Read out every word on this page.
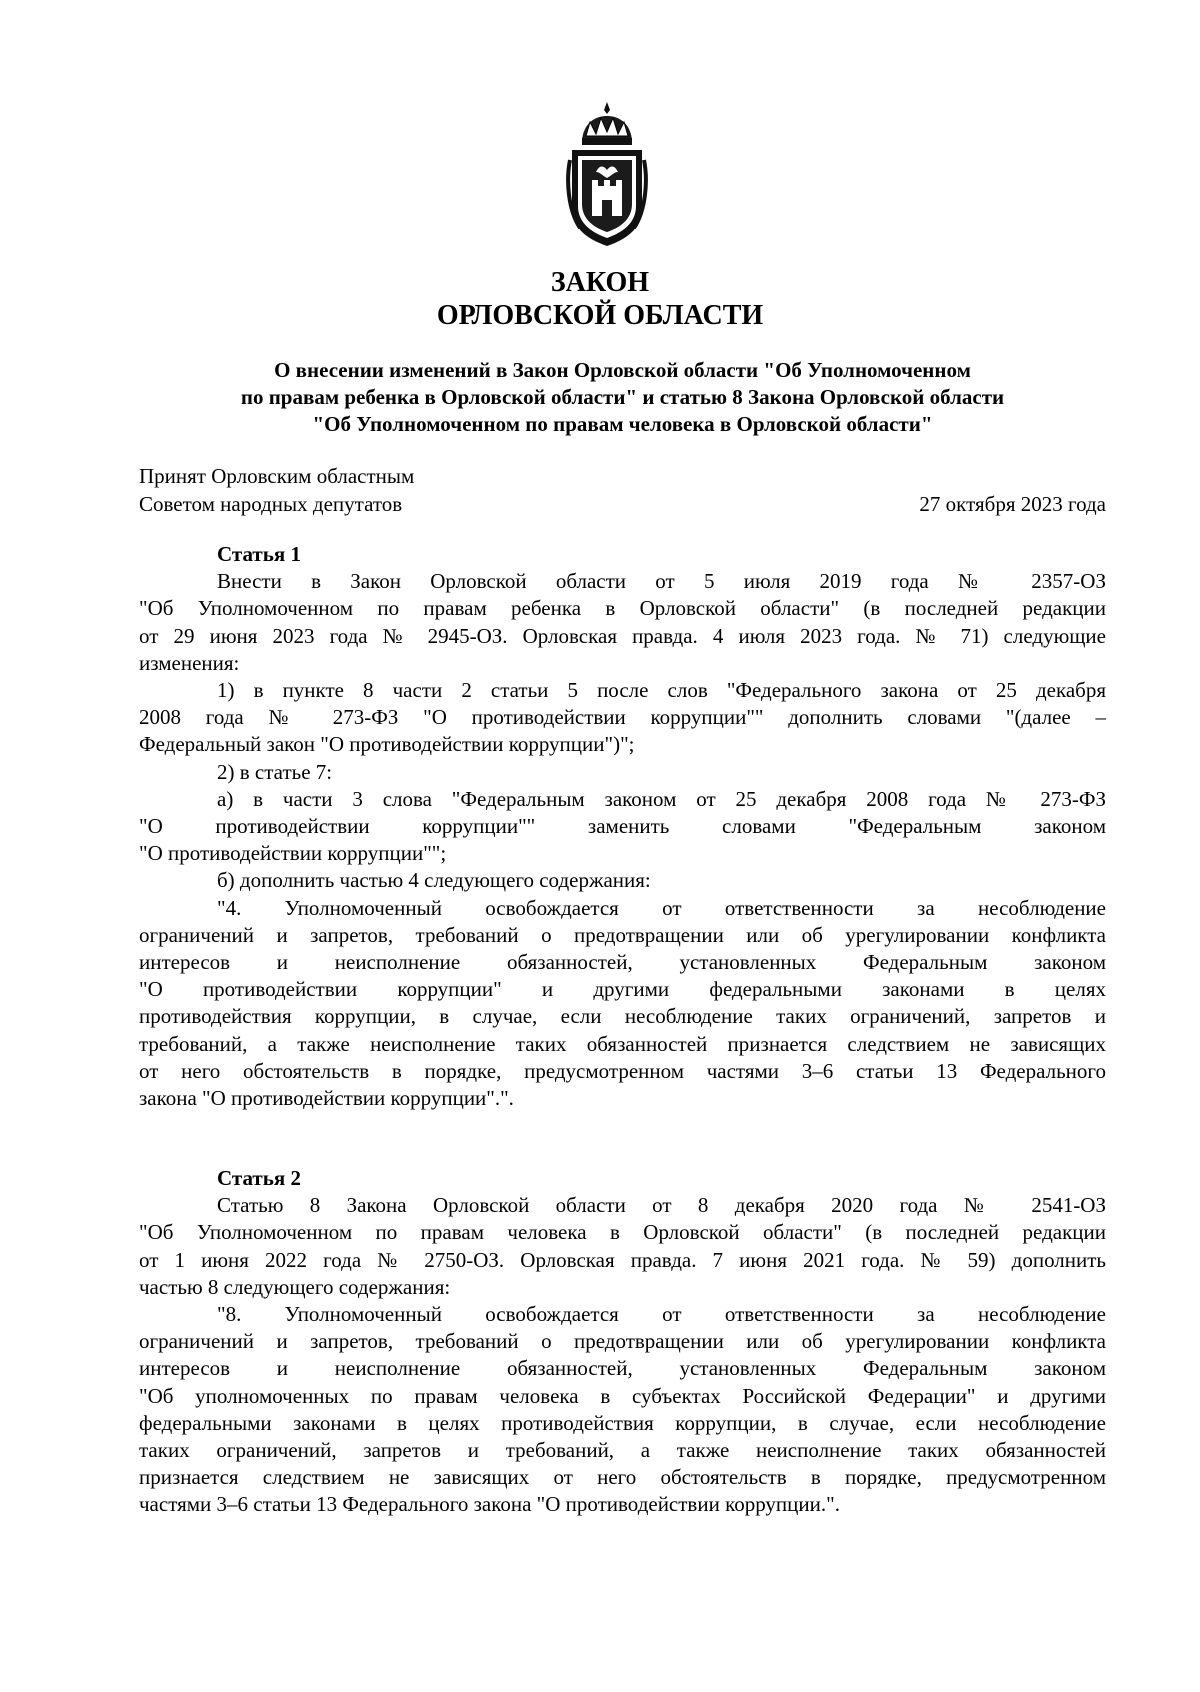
ЗАКОН
ОРЛОВСКОЙ ОБЛАСТИ
О внесении изменений в Закон Орловской области "Об Уполномоченном
по правам ребенка в Орловской области" и статью 8 Закона Орловской области
"Об Уполномоченном по правам человека в Орловской области"
Принят Орловским областным
Советом народных депутатов	27 октября 2023 года
Статья 1
Внести в Закон Орловской области от 5 июля 2019 года № 2357-ОЗ
"Об Уполномоченном по правам ребенка в Орловской области" (в последней редакции
от 29 июня 2023 года № 2945-ОЗ. Орловская правда. 4 июля 2023 года. № 71) следующие
изменения:
1) в пункте 8 части 2 статьи 5 после слов "Федерального закона от 25 декабря
2008 года № 273-ФЗ "О противодействии коррупции"" дополнить словами "(далее –
Федеральный закон "О противодействии коррупции")";
2) в статье 7:
а) в части 3 слова "Федеральным законом от 25 декабря 2008 года № 273-ФЗ
"О противодействии коррупции"" заменить словами "Федеральным законом
"О противодействии коррупции"";
б) дополнить частью 4 следующего содержания:
"4. Уполномоченный освобождается от ответственности за несоблюдение
ограничений и запретов, требований о предотвращении или об урегулировании конфликта
интересов и неисполнение обязанностей, установленных Федеральным законом
"О противодействии коррупции" и другими федеральными законами в целях
противодействия коррупции, в случае, если несоблюдение таких ограничений, запретов и
требований, а также неисполнение таких обязанностей признается следствием не зависящих
от него обстоятельств в порядке, предусмотренном частями 3–6 статьи 13 Федерального
закона "О противодействии коррупции".".
Статья 2
Статью 8 Закона Орловской области от 8 декабря 2020 года № 2541-ОЗ
"Об Уполномоченном по правам человека в Орловской области" (в последней редакции
от 1 июня 2022 года № 2750-ОЗ. Орловская правда. 7 июня 2021 года. № 59) дополнить
частью 8 следующего содержания:
"8. Уполномоченный освобождается от ответственности за несоблюдение
ограничений и запретов, требований о предотвращении или об урегулировании конфликта
интересов и неисполнение обязанностей, установленных Федеральным законом
"Об уполномоченных по правам человека в субъектах Российской Федерации" и другими
федеральными законами в целях противодействия коррупции, в случае, если несоблюдение
таких ограничений, запретов и требований, а также неисполнение таких обязанностей
признается следствием не зависящих от него обстоятельств в порядке, предусмотренном
частями 3–6 статьи 13 Федерального закона "О противодействии коррупции.".
